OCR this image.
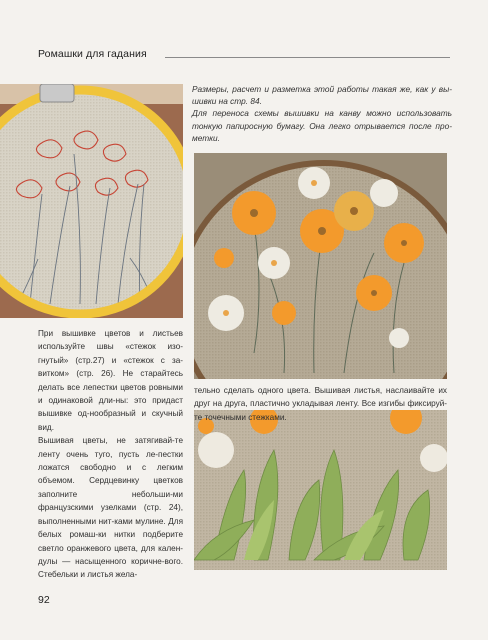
Ромашки для гадания

Размеры, расчет и разметка этой работы такая же, как у вы-шивки на стр. 84.

Для переноса схемы вышивки на канву можно использовать тонкую папиросную бумагу. Она легко отрывается после про-метки.

При вышивке цветов и листьев используйте швы «стежок изо-гнутый» (стр.27) и «стежок с за-витком» (стр. 26). Не старайтесь делать все лепестки цветов ровными и одинаковой дли-ны: это придаст вышивке од-нообразный и скучный вид.

Вышивая цветы, не затягивай-те ленту очень туго, пусть ле-пестки ложатся свободно и с легким объемом. Сердцевинку цветков заполните небольши-ми французскими узелками (стр. 24), выполненными нит-ками мулине. Для белых ромаш-ки нитки подберите светло оранжевого цвета, для кален-дулы — насыщенного коричне-вого. Стебельки и листья жела-

тельно сделать одного цвета. Вышивая листья, наслаивайте их друг на друга, пластично укладывая ленту. Все изгибы фиксируй-те точечными стежками.
92
